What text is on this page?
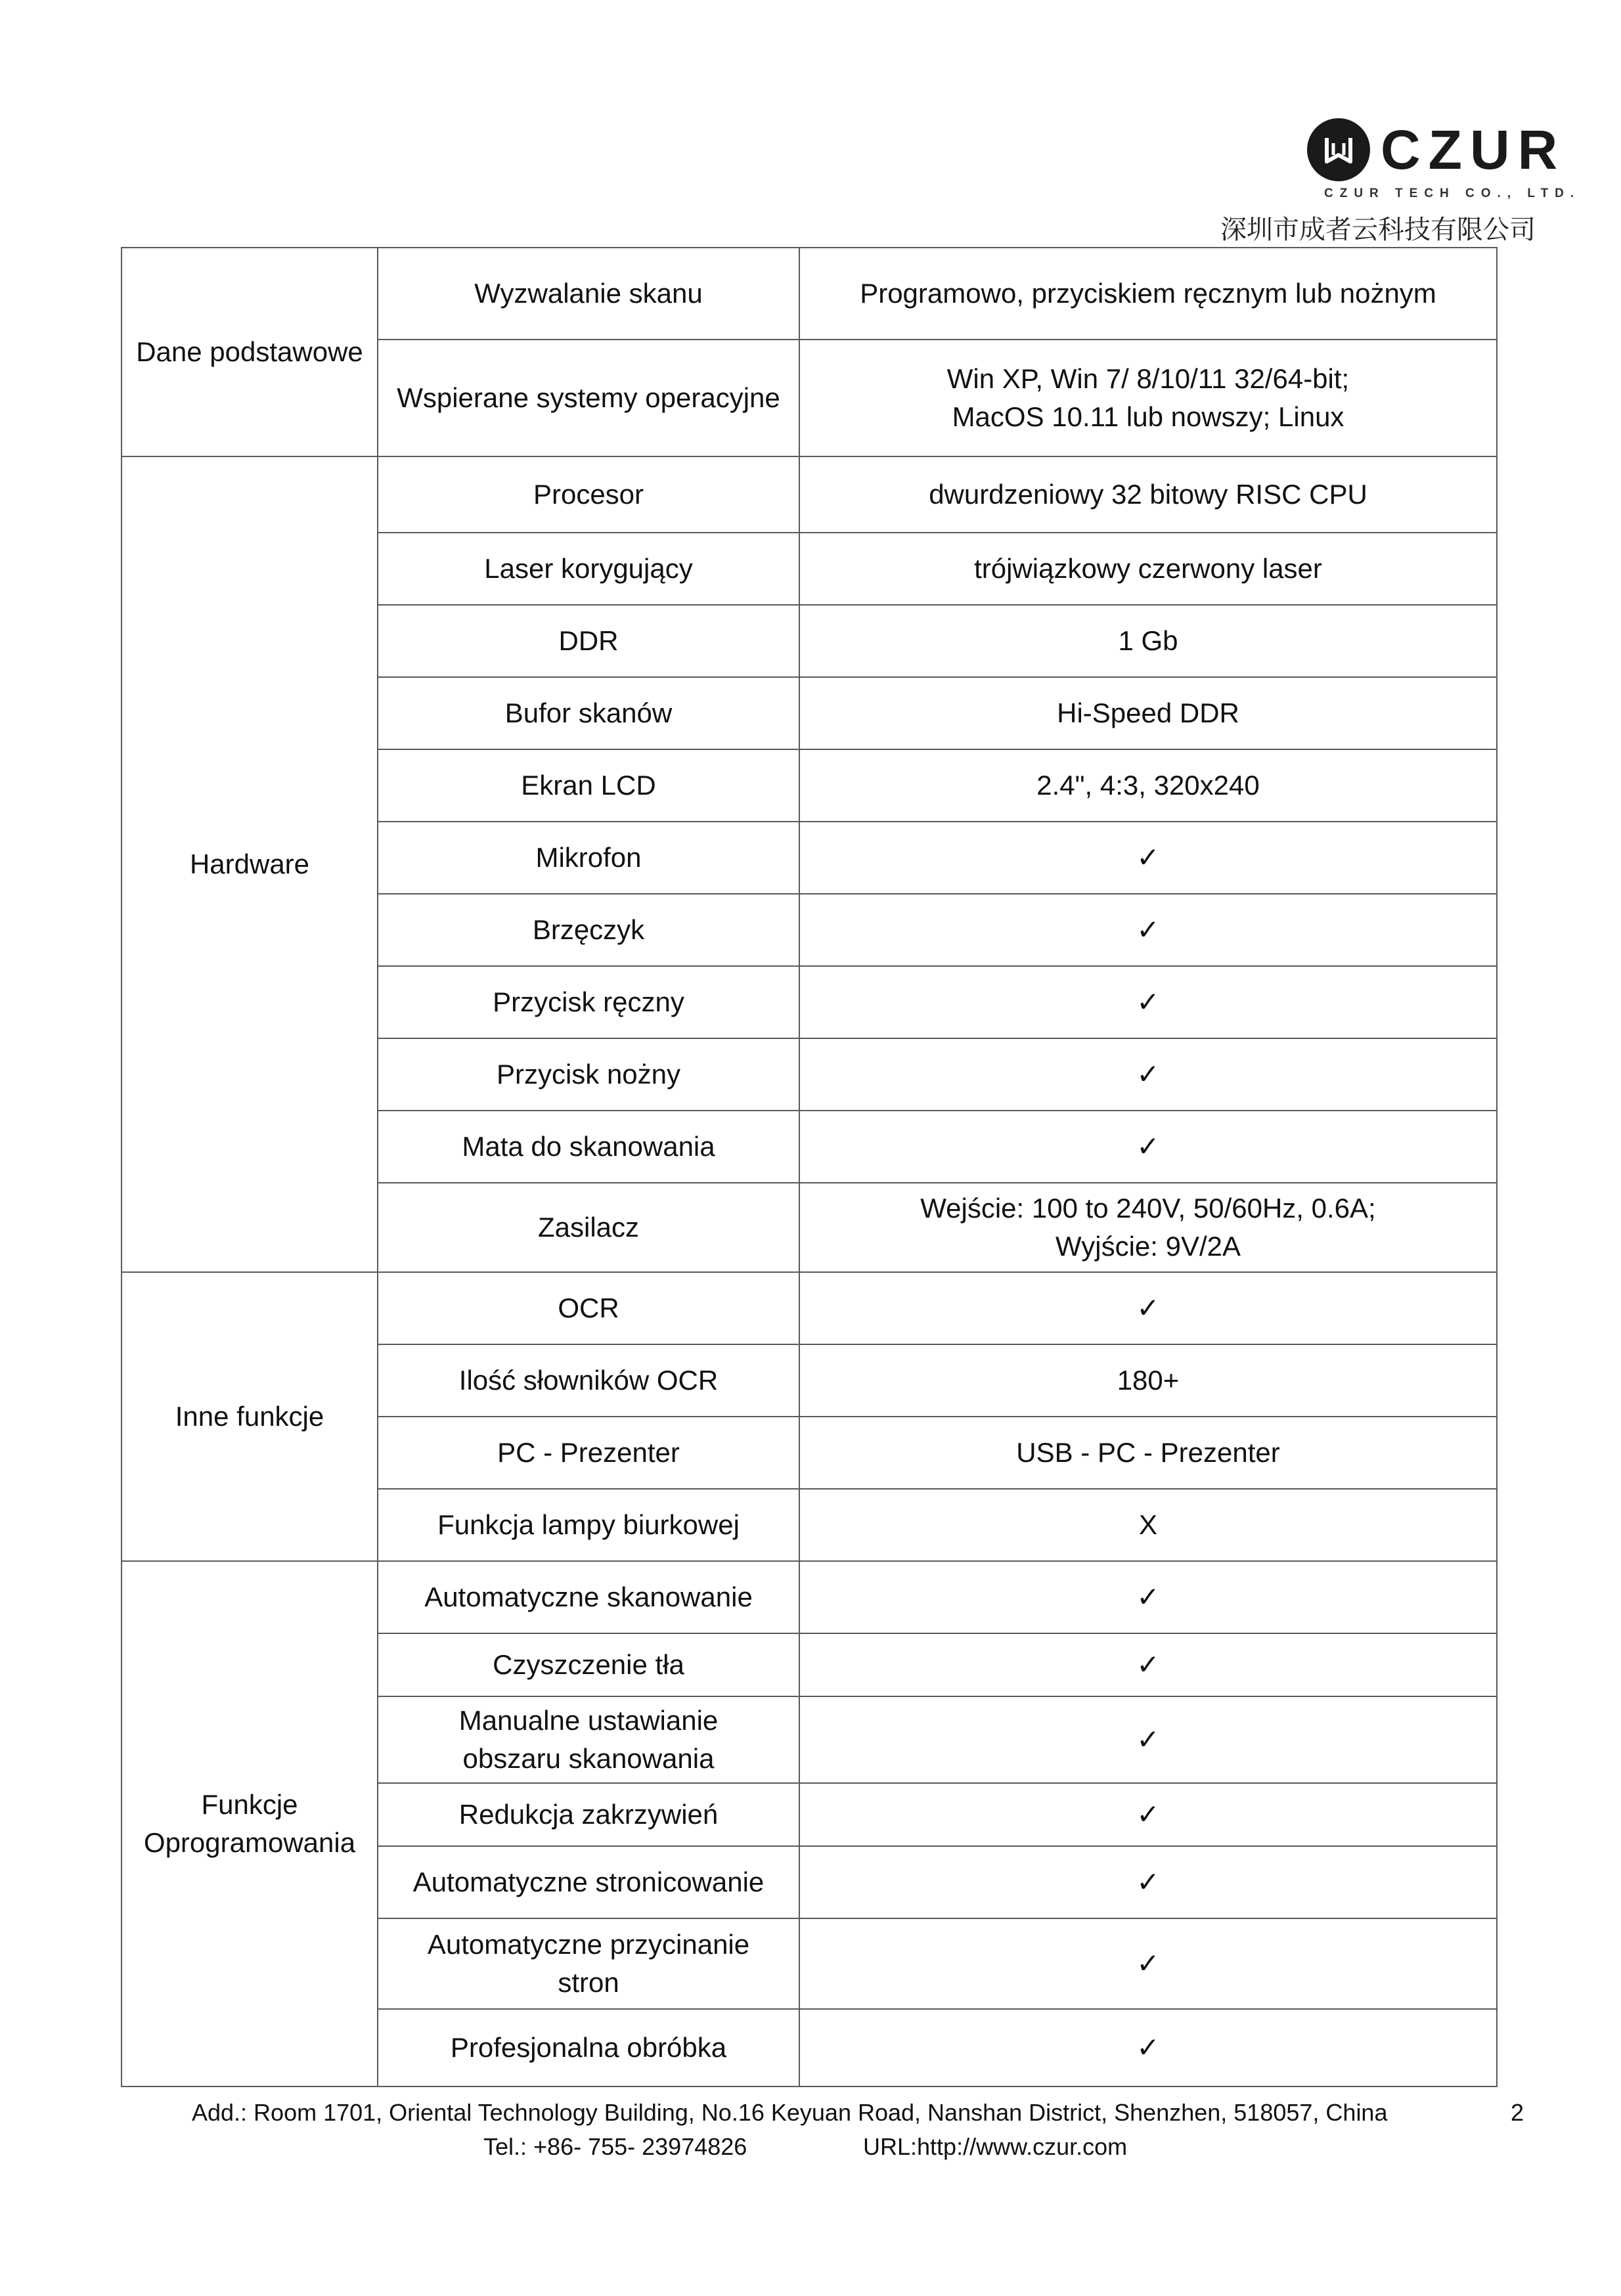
CZUR
CZUR TECH CO., LTD.
深圳市成者云科技有限公司
Dane podstawowe	Wyzwalanie skanu	Programowo, przyciskiem ręcznym lub nożnym
	Wspierane systemy operacyjne	Win XP, Win 7/ 8/10/11 32/64-bit;
MacOS 10.11 lub nowszy; Linux

Hardware	Procesor	dwurdzeniowy 32 bitowy RISC CPU
	Laser korygujący	trójwiązkowy czerwony laser
	DDR	1 Gb
	Bufor skanów	Hi-Speed DDR
	Ekran LCD	2.4", 4:3, 320x240
	Mikrofon	✓
	Brzęczyk	✓
	Przycisk ręczny	✓
	Przycisk nożny	✓
	Mata do skanowania	✓
	Zasilacz	Wejście: 100 to 240V, 50/60Hz, 0.6A;
Wyjście: 9V/2A

Inne funkcje	OCR	✓
	Ilość słowników OCR	180+
	PC - Prezenter	USB - PC - Prezenter
	Funkcja lampy biurkowej	X

Funkcje
Oprogramowania	Automatyczne skanowanie	✓
	Czyszczenie tła	✓

	Manualne ustawianie
obszaru skanowania	✓
	Redukcja zakrzywień	✓
	Automatyczne stronicowanie	✓

	Automatyczne przycinanie
stron	✓
	Profesjonalna obróbka	✓
Add.: Room 1701, Oriental Technology Building, No.16 Keyuan Road, Nanshan District, Shenzhen, 518057, China	2
Tel.: +86- 755- 23974826	URL:http://www.czur.com
